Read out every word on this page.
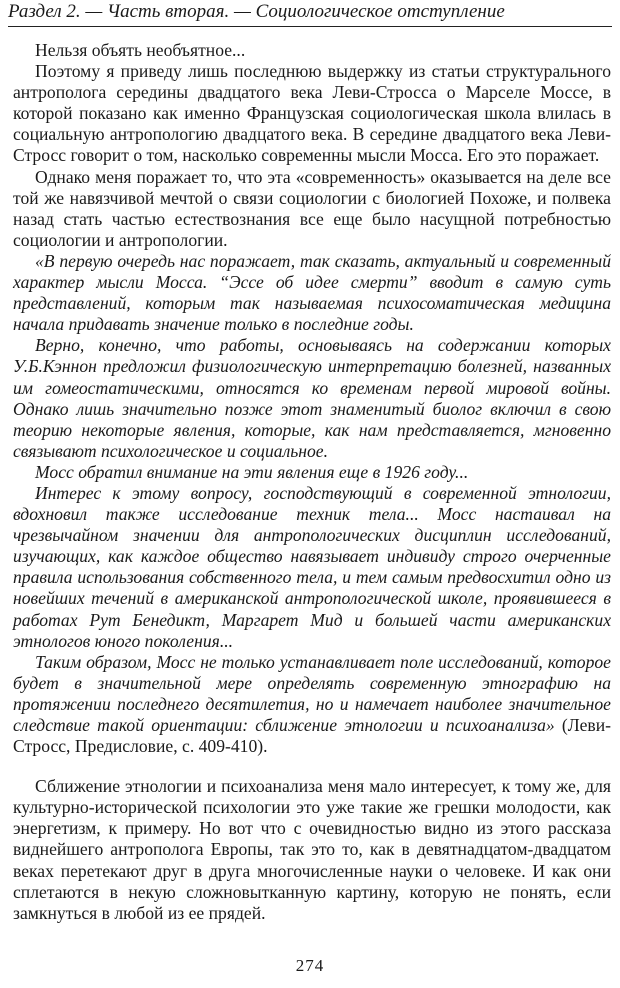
Раздел 2. — Часть вторая. — Социологическое отступление

Нельзя объять необъятное...

Поэтому я приведу лишь последнюю выдержку из статьи структурального антрополога середины двадцатого века Леви-Стросса о Марселе Моссе, в которой показано как именно Французская социологическая школа влилась в социальную антропологию двадцатого века. В середине двадцатого века Леви-Стросс говорит о том, насколько современны мысли Мосса. Его это поражает.

Однако меня поражает то, что эта «современность» оказывается на деле все той же навязчивой мечтой о связи социологии с биологией Похоже, и полвека назад стать частью естествознания все еще было насущной потребностью социологии и антропологии.

«В первую очередь нас поражает, так сказать, актуальный и современный характер мысли Мосса. “Эссе об идее смерти” вводит в самую суть представлений, которым так называемая психосоматическая медицина начала придавать значение только в последние годы.

Верно, конечно, что работы, основываясь на содержании которых У.Б.Кэннон предложил физиологическую интерпретацию болезней, названных им гомеостатическими, относятся ко временам первой мировой войны. Однако лишь значительно позже этот знаменитый биолог включил в свою теорию некоторые явления, которые, как нам представляется, мгновенно связывают психологическое и социальное.

Мосс обратил внимание на эти явления еще в 1926 году...

Интерес к этому вопросу, господствующий в современной этнологии, вдохновил также исследование техник тела... Мосс настаивал на чрезвычайном значении для антропологических дисциплин исследований, изучающих, как каждое общество навязывает индивиду строго очерченные правила использования собственного тела, и тем самым предвосхитил одно из новейших течений в американской антропологической школе, проявившееся в работах Рут Бенедикт, Маргарет Мид и большей части американских этнологов юного поколения...

Таким образом, Мосс не только устанавливает поле исследований, которое будет в значительной мере определять современную этнографию на протяжении последнего десятилетия, но и намечает наиболее значительное следствие такой ориентации: сближение этнологии и психоанализа» (Леви-Стросс, Предисловие, с. 409-410).

Сближение этнологии и психоанализа меня мало интересует, к тому же, для культурно-исторической психологии это уже такие же грешки молодости, как энергетизм, к примеру. Но вот что с очевидностью видно из этого рассказа виднейшего антрополога Европы, так это то, как в девятнадцатом-двадцатом веках перетекают друг в друга многочисленные науки о человеке. И как они сплетаются в некую сложновытканную картину, которую не понять, если замкнуться в любой из ее прядей.

274
